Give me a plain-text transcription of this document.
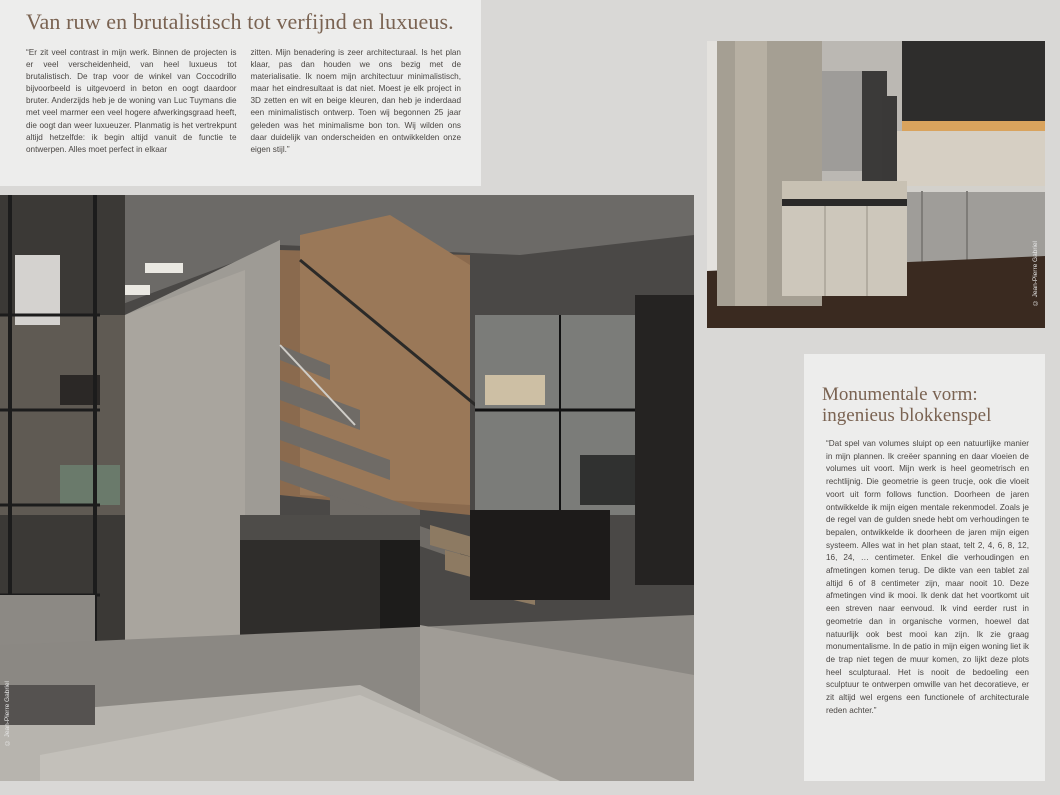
Van ruw en brutalistisch tot verfijnd en luxueus.
“Er zit veel contrast in mijn werk. Binnen de projecten is er veel verscheidenheid, van heel luxueus tot brutalistisch. De trap voor de winkel van Coccodrillo bijvoorbeeld is uitgevoerd in beton en oogt daardoor bruter. Anderzijds heb je de woning van Luc Tuymans die met veel marmer een veel hogere afwerkingsgraad heeft, die oogt dan weer luxueuzer. Planmatig is het vertrekpunt altijd hetzelfde: ik begin altijd vanuit de functie te ontwerpen. Alles moet perfect in elkaar
zitten. Mijn benadering is zeer architecturaal. Is het plan klaar, pas dan houden we ons bezig met de materialisatie. Ik noem mijn architectuur minimalistisch, maar het eindresultaat is dat niet. Moest je elk project in 3D zetten en wit en beige kleuren, dan heb je inderdaad een minimalistisch ontwerp. Toen wij begonnen 25 jaar geleden was het minimalisme bon ton. Wij wilden ons daar duidelijk van onderscheiden en ontwikkelden onze eigen stijl.”
© Jean-Pierre Gabriel
© Jean-Pierre Gabriel
Monumentale vorm: ingenieus blokkenspel

“Dat spel van volumes sluipt op een natuurlijke manier in mijn plannen. Ik creëer spanning en daar vloeien de volumes uit voort. Mijn werk is heel geometrisch en rechtlijnig. Die geometrie is geen trucje, ook die vloeit voort uit form follows function. Doorheen de jaren ontwikkelde ik mijn eigen mentale rekenmodel. Zoals je de regel van de gulden snede hebt om verhoudingen te bepalen, ontwikkelde ik doorheen de jaren mijn eigen systeem. Alles wat in het plan staat, telt 2, 4, 6, 8, 12, 16, 24, … centimeter. Enkel die verhoudingen en afmetingen komen terug. De dikte van een tablet zal altijd 6 of 8 centimeter zijn, maar nooit 10. Deze afmetingen vind ik mooi. Ik denk dat het voortkomt uit een streven naar eenvoud. Ik vind eerder rust in geometrie dan in organische vormen, hoewel dat natuurlijk ook best mooi kan zijn. Ik zie graag monumentalisme. In de patio in mijn eigen woning liet ik de trap niet tegen de muur komen, zo lijkt deze plots heel sculpturaal. Het is nooit de bedoeling een sculptuur te ontwerpen omwille van het decoratieve, er zit altijd wel ergens een functionele of architecturale reden achter.”
